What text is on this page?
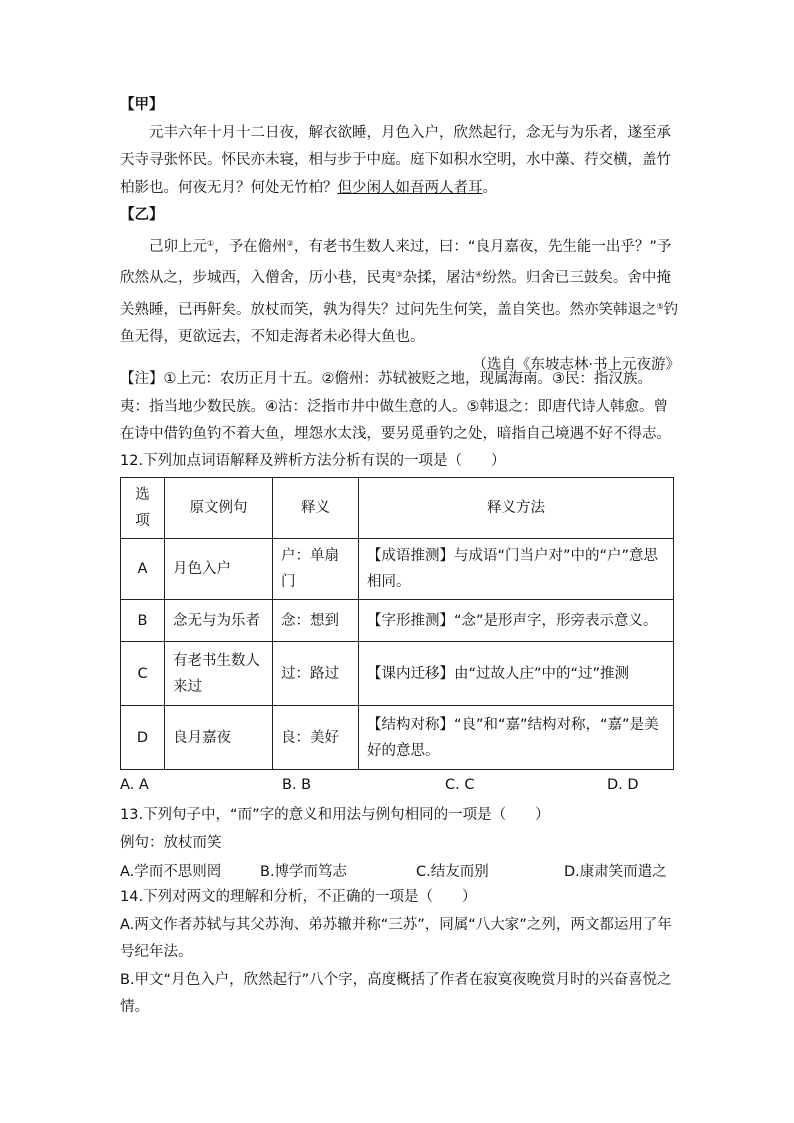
【甲】

元丰六年十月十二日夜，解衣欲睡，月色入户，欣然起行，念无与为乐者，遂至承天寺寻张怀民。怀民亦未寝，相与步于中庭。庭下如积水空明，水中藻、荇交横，盖竹柏影也。何夜无月？何处无竹柏？但少闲人如吾两人者耳。

【乙】

己卯上元①，予在儋州②，有老书生数人来过，曰：“良月嘉夜，先生能一出乎？”予欣然从之，步城西，入僧舍，历小巷，民夷③杂揉，屠沽④纷然。归舍已三鼓矣。舍中掩关熟睡，已再鼾矣。放杖而笑，孰为得失？过问先生何笑，盖自笑也。然亦笑韩退之⑤钓鱼无得，更欲远去，不知走海者未必得大鱼也。

（选自《东坡志林·书上元夜游》

【注】①上元：农历正月十五。②儋州：苏轼被贬之地，现属海南。③民：指汉族。夷：指当地少数民族。④沽：泛指市井中做生意的人。⑤韩退之：即唐代诗人韩愈。曾在诗中借钓鱼钓不着大鱼，埋怨水太浅，要另觅垂钓之处，暗指自己境遇不好不得志。

12.下列加点词语解释及辨析方法分析有误的一项是（　　）

选项	原文例句	释义	释义方法
A	月色入户	户：单扇门	【成语推测】与成语“门当户对”中的“户”意思相同。
B	念无与为乐者	念：想到	【字形推测】“念”是形声字，形旁表示意义。
C	有老书生数人来过	过：路过	【课内迁移】由“过故人庄”中的“过”推测
D	良月嘉夜	良：美好	【结构对称】“良”和“嘉”结构对称，“嘉”是美好的意思。
A. A	B. B	C. C	D. D

13.下列句子中，“而”字的意义和用法与例句相同的一项是（　　）

例句：放杖而笑

A.学而不思则罔	B.博学而笃志	C.结友而别	D.康肃笑而遣之

14.下列对两文的理解和分析，不正确的一项是（　　）

A.两文作者苏轼与其父苏洵、弟苏辙并称“三苏”，同属“八大家”之列，两文都运用了年号纪年法。

B.甲文“月色入户，欣然起行”八个字，高度概括了作者在寂寞夜晚赏月时的兴奋喜悦之情。
